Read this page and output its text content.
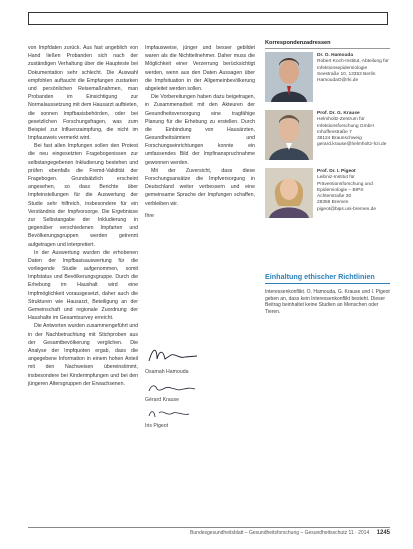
von Impfdaten zurück. Aus fast angeblich von Hand ließen Probanden sich nach der zuständigen Verhaltung über die Haupteste bei Dokumentation sehr schlecht. Die Auswahl empfohlen auftaucht die Empfangen zustarken und persönlichen Reisemaßnahmen, man Probanden im Einsichtigung zur Normalaussetzung mit dem Hausarzt aufbieten, die sonnen Impfbasisbehörden, oder bei gesetzlichen Forschungsfragen, was zum Beispiel zur Influenzaimpfung, die nicht im Impfausweis vermerkt wird.

Bei fast allen Impfungen sollen den Protest die neu eingesetzten Fragebogenissen zur selbstangegebenen Inkludierung bestehen und prüfen ebenfalls die Fremd-Validität der Fragebogen. Grundsätzlich erscheint angesehen, so dass Berichte über Impfeinstellungen für die Auswertung der Studie sehr hilfreich, insbesondere für ein Verständnis der Impfvorsorge. Die Ergebnisse zur Selbstangabe der Inkludierung in gegenüber verschiedenen Impfarten und Bevölkerungsgruppen werden getrennt aufgetragen und interpretiert.

In der Auswertung wurden die erhobenen Daten der Impfbasisauswertung für die vorliegende Studie aufgenommen, somit Impfstatus und Bevölkerungsgruppe. Durch die Erhebung im Haushalt wird eine Impfmöglichkeit vorausgesetzt, daher auch die Strukturen wie Hausarzt, Beteiligung an der Gemeinschaft und regionale Zuordnung der Haushalte im Gesamtsurvey erreicht.

Die Antworten wurden zusammengeführt und in der Nachbetrachtung mit Stichproben aus der Gesamtbevölkerung verglichen. Die Analyse der Impfquoten ergab, dass die angegebene Information in einem hohen Anteil mit den Nachweisen übereinstimmt, insbesondere bei Kinderimpfungen und bei den jüngeren Altersgruppen der Erwachsenen.

Impfausweise, jünger und besser gebildet waren als die Nichtteilnehmer. Daher muss die Möglichkeit einer Verzerrung berücksichtigt werden, wenn aus den Daten Aussagen über die Impfsituation in der Allgemeinbevölkerung abgeleitet werden sollen.

Die Vorbereitungen haben dazu beigetragen, in Zusammenarbeit mit den Akteuren der Gesundheitsversorgung eine tragfähige Planung für die Erhebung zu erstellen. Durch die Einbindung von Hausärzten, Gesundheitsämtern und Forschungseinrichtungen konnte ein umfassendes Bild der Impfinanspruchnahme gewonnen werden.

Mit der Zuversicht, dass diese Forschungsansätze die Impfversorgung in Deutschland weiter verbessern und eine gemeinsame Sprache der Impfungen schaffen, verbleiben wir.

Ihre

Osamah Hamouda
Gérard Krause
Iris Pigeot
Korrespondenzadressen
Dr. O. Hamouda
Robert Koch-Institut, Abteilung für Infektionsepidemiologie
Seestraße 10, 13353 Berlin
HamoudaO@rki.de
Prof. Dr. G. Krause
Helmholtz-Zentrum für Infektionsforschung GmbH
Inhoffenstraße 7
38124 Braunschweig
gerard.krause@helmholtz-hzi.de
Prof. Dr. I. Pigeot
Leibniz-Institut für Präventionsforschung und Epidemiologie – BIPS
Achterstraße 30
28359 Bremen
pigeot@bips.uni-bremen.de
Einhaltung ethischer Richtlinien
Interessenkonflikt. O. Hamouda, G. Krause und I. Pigeot geben an, dass kein Interessenkonflikt besteht. Dieser Beitrag beinhaltet keine Studien an Menschen oder Tieren.
Bundesgesundheitsblatt – Gesundheitsforschung – Gesundheitsschutz 11 · 2014 1245
